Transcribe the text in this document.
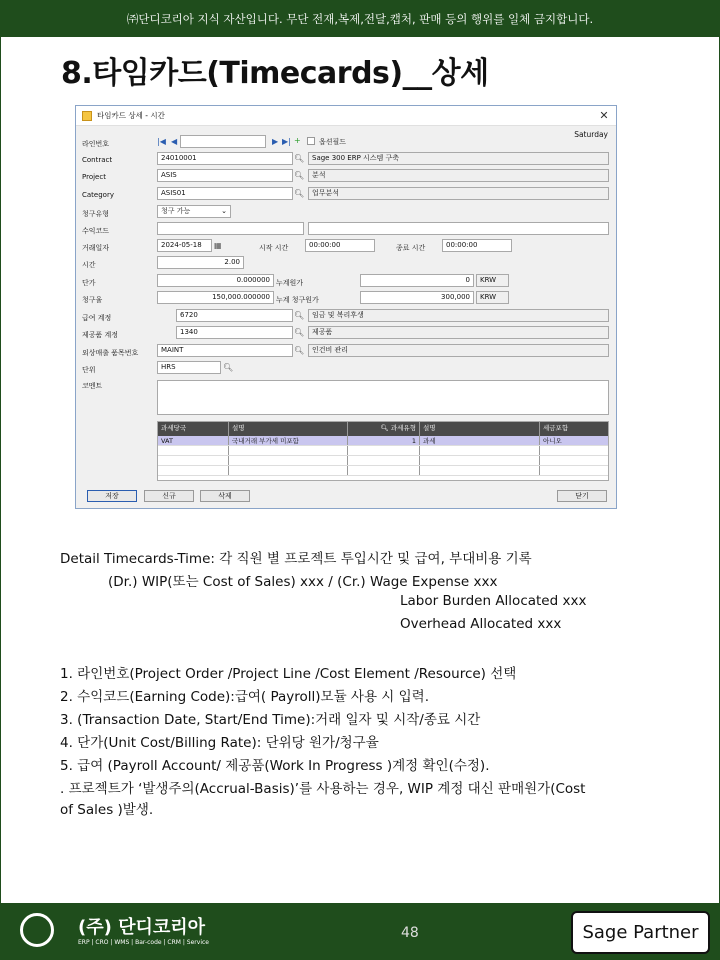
㈜단디코리아 지식 자산입니다. 무단 전재,복제,전달,캡처, 판매 등의 행위를 일체 금지합니다.
8.타임카드(Timecards)__상세
타임카드 상세 - 시간	✕
Saturday
라인번호	|◀ ◀	▶ ▶| +	옵션필드
Contract	24010001	🔍︎	Sage 300 ERP 시스템 구축
Project	ASIS	🔍︎	분석
Category	ASIS01	🔍︎	업무분석
청구유형	청구 가능	⌄
수익코드
거래일자	2024-05-18	▦	시작 시간	00:00:00	종료 시간	00:00:00
시간	2.00
단가	0.000000 누계원가	0	KRW
청구율	150,000.000000 누계 청구원가	300,000	KRW
급여 계정	6720	🔍︎	임금 및 복리후생
제공품 계정	1340	🔍︎	제공품
외상매출 품목번호	MAINT	🔍︎	인건비 관리
단위	HRS	🔍︎
코멘트
과세당국	설명	🔍︎ 과세유형	설명	세금포함
VAT	국내거래 부가세 미포함	1	과세	아니오
저장	신규	삭제	닫기
Detail Timecards-Time: 각 직원 별 프로젝트 투입시간 및 급여, 부대비용 기록
(Dr.) WIP(또는 Cost of Sales) xxx / (Cr.) Wage Expense xxx
Labor Burden Allocated xxx
Overhead Allocated xxx
1. 라인번호(Project Order /Project Line /Cost Element /Resource) 선택
2. 수익코드(Earning Code):급여( Payroll)모듈 사용 시 입력.
3. (Transaction Date, Start/End Time):거래 일자 및 시작/종료 시간
4. 단가(Unit Cost/Billing Rate): 단위당 원가/청구율
5. 급여 (Payroll Account/ 제공품(Work In Progress )계정 확인(수정).
. 프로젝트가 ‘발생주의(Accrual-Basis)’를 사용하는 경우, WIP 계정 대신 판매원가(Cost
of Sales )발생.
(주) 단디코리아
ERP | CRO | WMS | Bar-code | CRM | Service
48	Sage Partner
